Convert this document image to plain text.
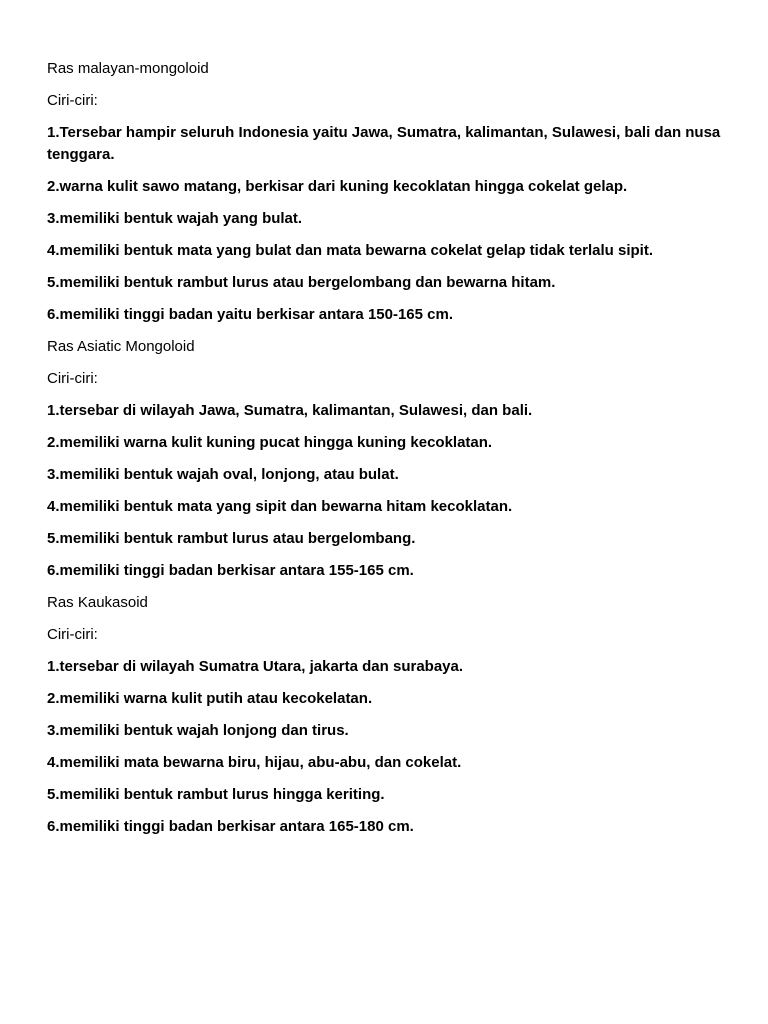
Ras malayan-mongoloid

Ciri-ciri:

1.Tersebar hampir seluruh Indonesia yaitu Jawa, Sumatra, kalimantan, Sulawesi, bali dan nusa tenggara.

2.warna kulit sawo matang, berkisar dari kuning kecoklatan hingga cokelat gelap.

3.memiliki bentuk wajah yang bulat.

4.memiliki bentuk mata yang bulat dan mata bewarna cokelat gelap tidak terlalu sipit.

5.memiliki bentuk rambut lurus atau bergelombang dan bewarna hitam.

6.memiliki tinggi badan yaitu berkisar antara 150-165 cm.

Ras Asiatic Mongoloid

Ciri-ciri:

1.tersebar di wilayah Jawa, Sumatra, kalimantan, Sulawesi, dan bali.

2.memiliki warna kulit kuning pucat hingga kuning kecoklatan.

3.memiliki bentuk wajah oval, lonjong, atau bulat.

4.memiliki bentuk mata yang sipit dan bewarna hitam kecoklatan.

5.memiliki bentuk rambut lurus atau bergelombang.

6.memiliki tinggi badan berkisar antara 155-165 cm.

Ras Kaukasoid

Ciri-ciri:

1.tersebar di wilayah Sumatra Utara, jakarta dan surabaya.

2.memiliki warna kulit putih atau kecokelatan.

3.memiliki bentuk wajah lonjong dan tirus.

4.memiliki mata bewarna biru, hijau, abu-abu, dan cokelat.

5.memiliki bentuk rambut lurus hingga keriting.

6.memiliki tinggi badan berkisar antara 165-180 cm.
